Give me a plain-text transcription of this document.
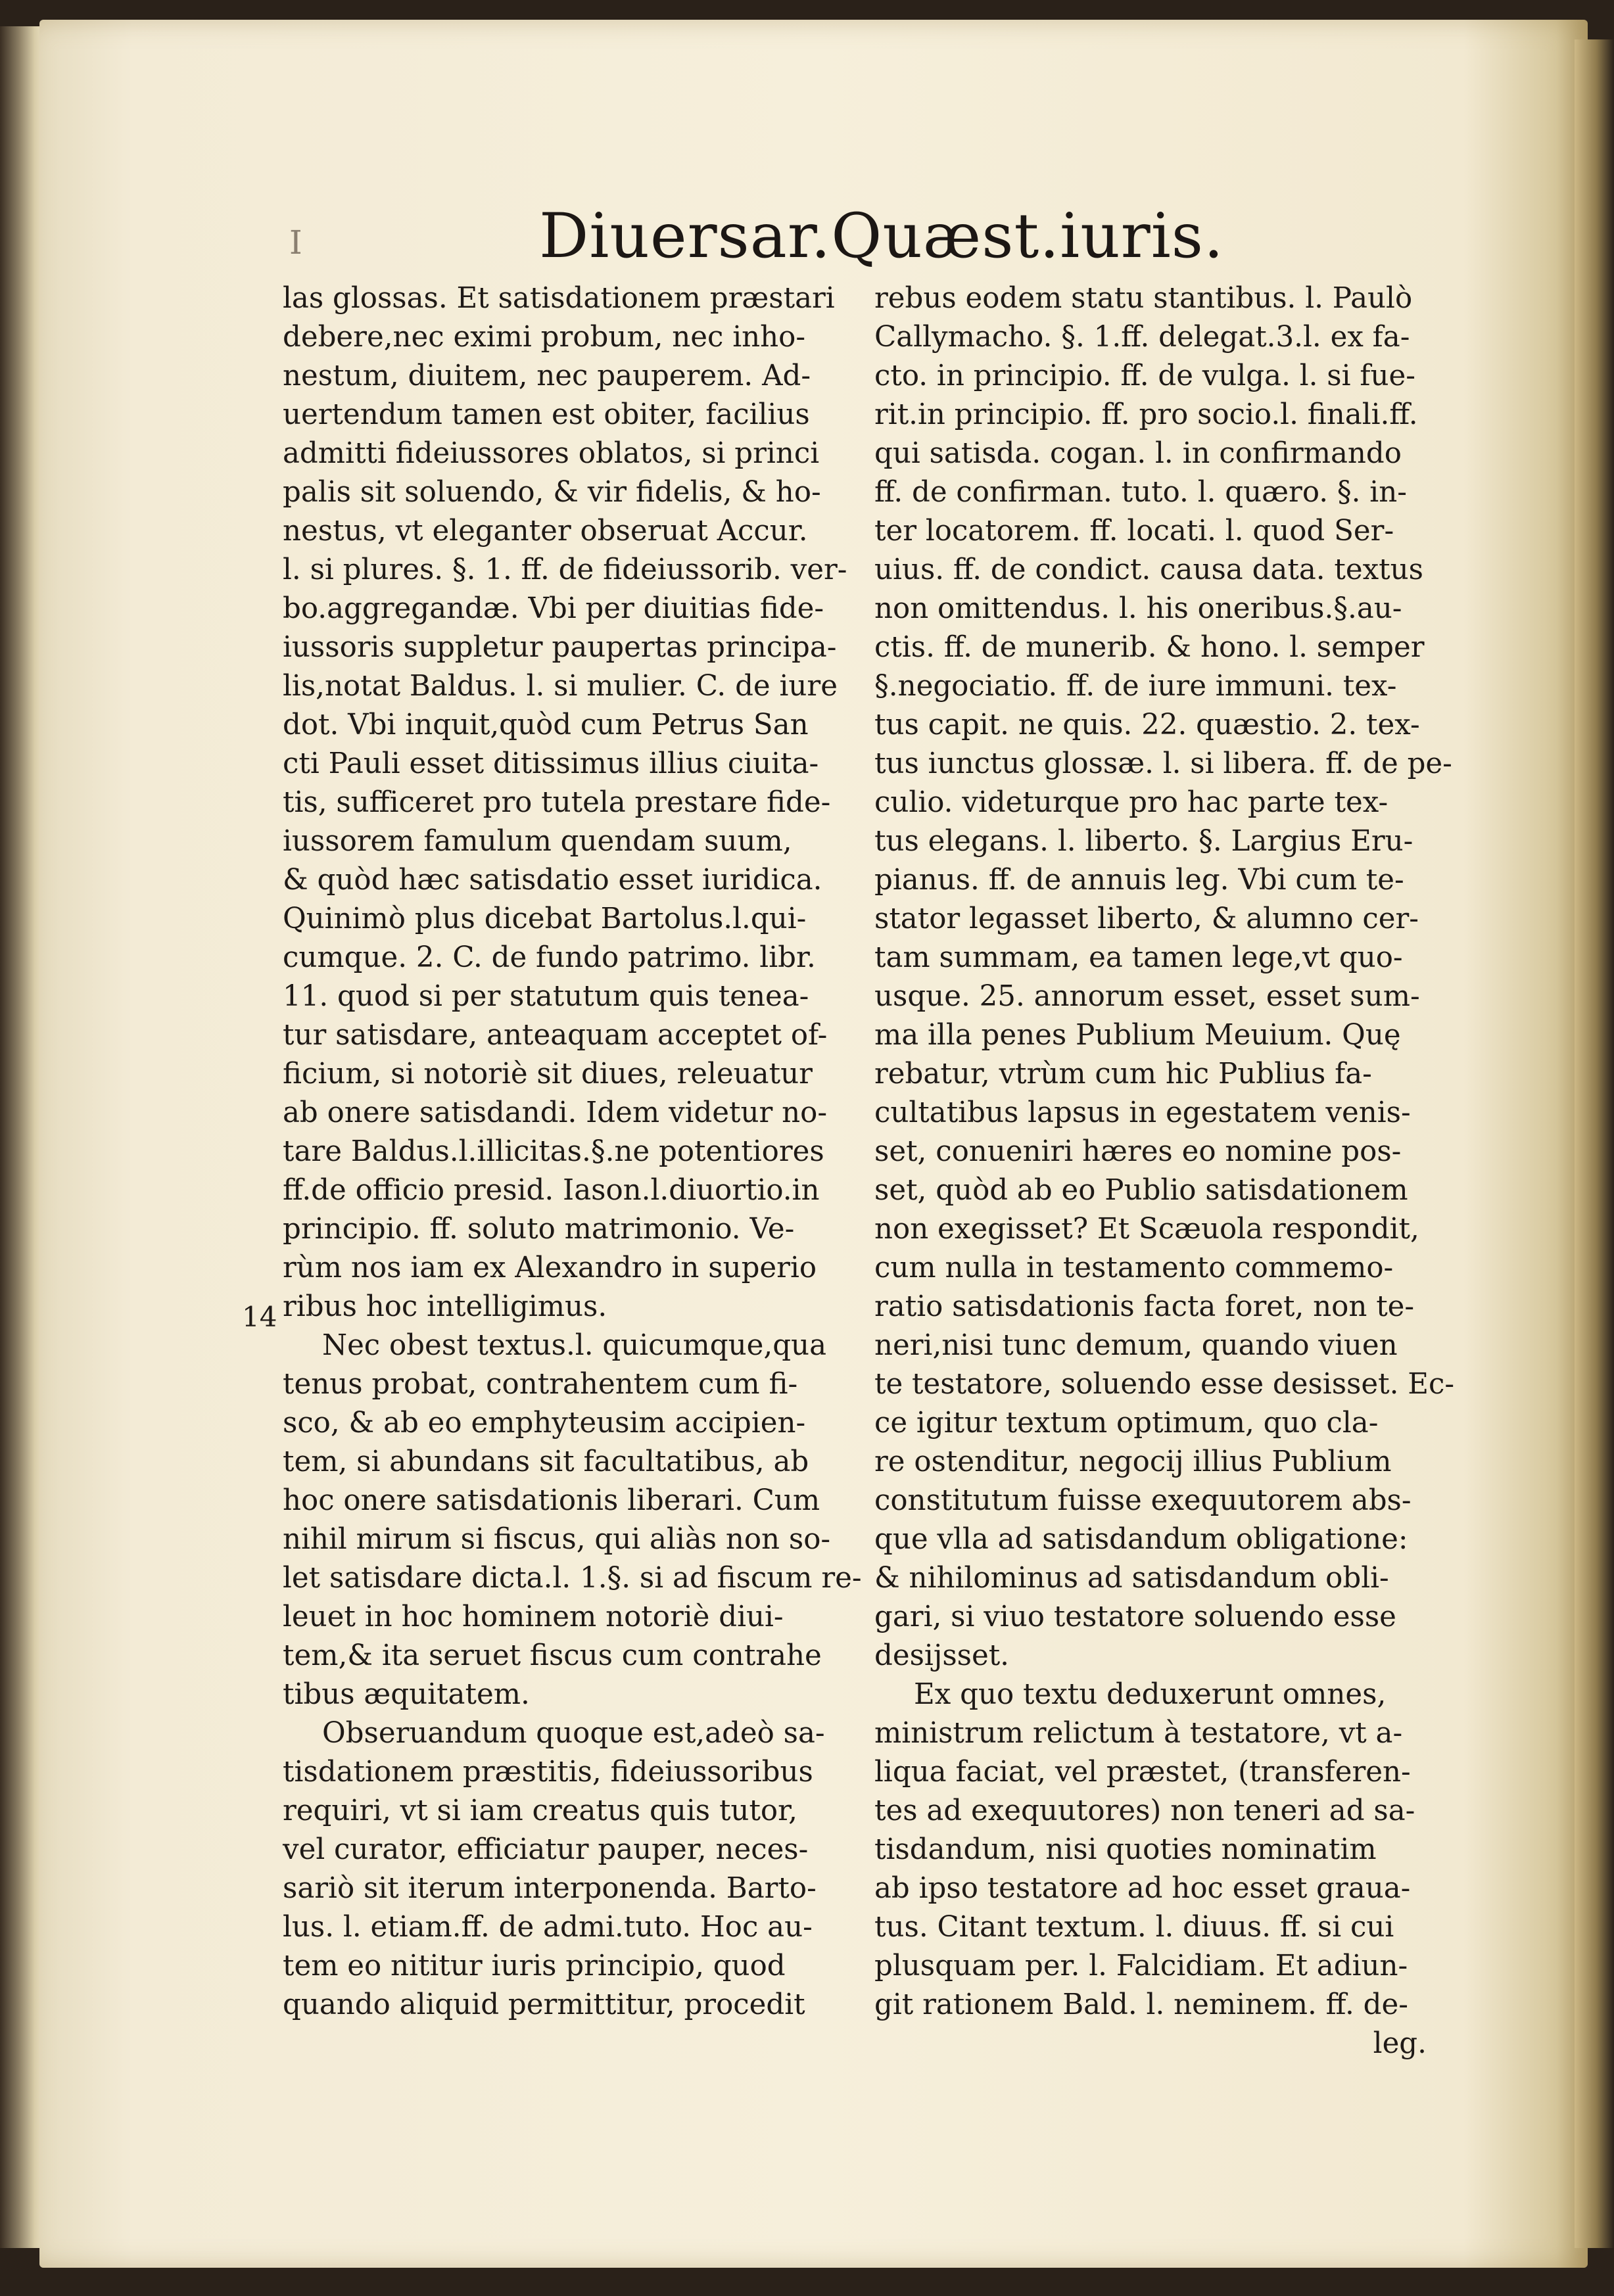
I	Diuersar.Quæst.iuris.
las glossas. Et satisdationem præstari
debere,nec eximi probum, nec inho-
nestum, diuitem, nec pauperem. Ad-
uertendum tamen est obiter, facilius
admitti fideiussores oblatos, si princi
palis sit soluendo, & vir fidelis, & ho-
nestus, vt eleganter obseruat Accur.
l. si plures. §. 1. ff. de fideiussorib. ver-
bo.aggregandæ. Vbi per diuitias fide-
iussoris suppletur paupertas principa-
lis,notat Baldus. l. si mulier. C. de iure
dot. Vbi inquit,quòd cum Petrus San
cti Pauli esset ditissimus illius ciuita-
tis, sufficeret pro tutela prestare fide-
iussorem famulum quendam suum,
& quòd hæc satisdatio esset iuridica.
Quinimò plus dicebat Bartolus.l.qui-
cumque. 2. C. de fundo patrimo. libr.
11. quod si per statutum quis tenea-
tur satisdare, anteaquam acceptet of-
ficium, si notoriè sit diues, releuatur
ab onere satisdandi. Idem videtur no-
tare Baldus.l.illicitas.§.ne potentiores
ff.de officio presid. Iason.l.diuortio.in
principio. ff. soluto matrimonio. Ve-
rùm nos iam ex Alexandro in superio
ribus hoc intelligimus.
Nec obest textus.l. quicumque,qua
tenus probat, contrahentem cum fi-
sco, & ab eo emphyteusim accipien-
tem, si abundans sit facultatibus, ab
hoc onere satisdationis liberari. Cum
nihil mirum si fiscus, qui aliàs non so-
let satisdare dicta.l. 1.§. si ad fiscum re-
leuet in hoc hominem notoriè diui-
tem,& ita seruet fiscus cum contrahe
tibus æquitatem.
Obseruandum quoque est,adeò sa-
tisdationem præstitis, fideiussoribus
requiri, vt si iam creatus quis tutor,
vel curator, efficiatur pauper, neces-
sariò sit iterum interponenda. Barto-
lus. l. etiam.ff. de admi.tuto. Hoc au-
tem eo nititur iuris principio, quod
quando aliquid permittitur, procedit
14
rebus eodem statu stantibus. l. Paulò
Callymacho. §. 1.ff. delegat.3.l. ex fa-
cto. in principio. ff. de vulga. l. si fue-
rit.in principio. ff. pro socio.l. finali.ff.
qui satisda. cogan. l. in confirmando
ff. de confirman. tuto. l. quæro. §. in-
ter locatorem. ff. locati. l. quod Ser-
uius. ff. de condict. causa data. textus
non omittendus. l. his oneribus.§.au-
ctis. ff. de munerib. & hono. l. semper
§.negociatio. ff. de iure immuni. tex-
tus capit. ne quis. 22. quæstio. 2. tex-
tus iunctus glossæ. l. si libera. ff. de pe-
culio. videturque pro hac parte tex-
tus elegans. l. liberto. §. Largius Eru-
pianus. ff. de annuis leg. Vbi cum te-
stator legasset liberto, & alumno cer-
tam summam, ea tamen lege,vt quo-
usque. 25. annorum esset, esset sum-
ma illa penes Publium Meuium. Quę
rebatur, vtrùm cum hic Publius fa-
cultatibus lapsus in egestatem venis-
set, conueniri hæres eo nomine pos-
set, quòd ab eo Publio satisdationem
non exegisset? Et Scæuola respondit,
cum nulla in testamento commemo-
ratio satisdationis facta foret, non te-
neri,nisi tunc demum, quando viuen
te testatore, soluendo esse desisset. Ec-
ce igitur textum optimum, quo cla-
re ostenditur, negocij illius Publium
constitutum fuisse exequutorem abs-
que vlla ad satisdandum obligatione:
& nihilominus ad satisdandum obli-
gari, si viuo testatore soluendo esse
desijsset.
Ex quo textu deduxerunt omnes,
ministrum relictum à testatore, vt a-
liqua faciat, vel præstet, (transferen-
tes ad exequutores) non teneri ad sa-
tisdandum, nisi quoties nominatim
ab ipso testatore ad hoc esset graua-
tus. Citant textum. l. diuus. ff. si cui
plusquam per. l. Falcidiam. Et adiun-
git rationem Bald. l. neminem. ff. de-
leg.
